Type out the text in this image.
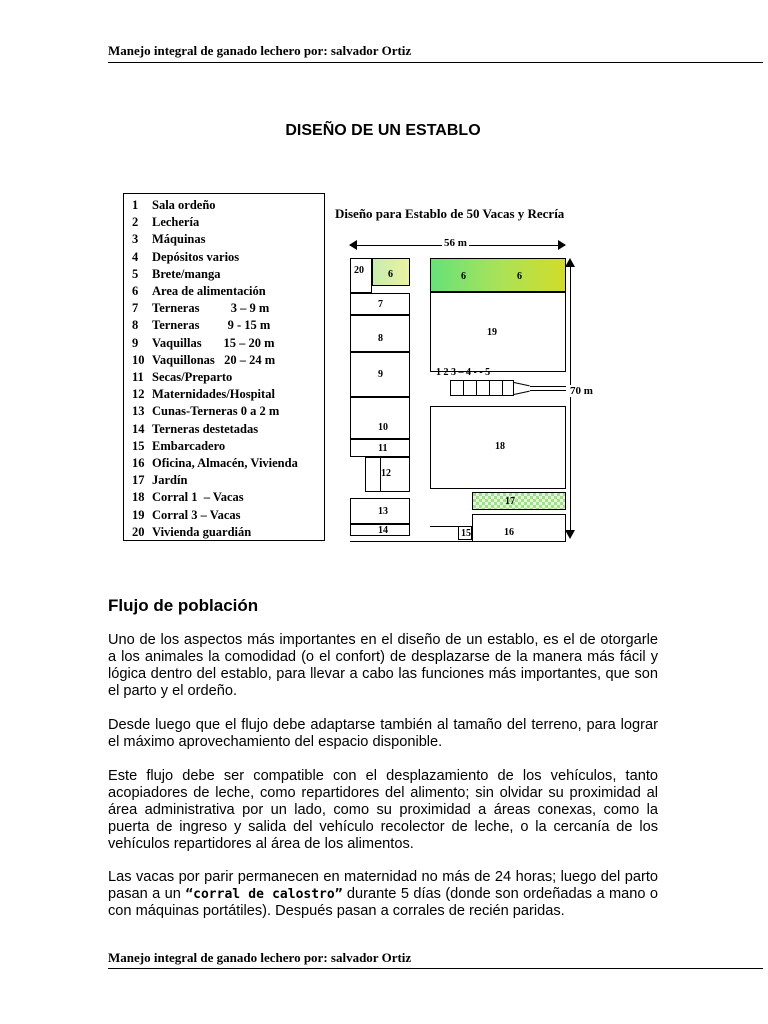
Manejo integral de ganado lechero por: salvador Ortiz
DISEÑO DE UN ESTABLO
1 Sala ordeño
2 Lechería
3 Máquinas
4 Depósitos varios
5 Brete/manga
6 Area de alimentación
7 Terneras          3 – 9 m
8 Terneras         9 - 15 m
9 Vaquillas       15 – 20 m
10 Vaquillonas   20 – 24 m
11 Secas/Preparto
12 Maternidades/Hospital
13 Cunas-Terneras 0 a 2 m
14 Terneras destetadas
15 Embarcadero
16 Oficina, Almacén, Vivienda
17 Jardín
18 Corral 1  – Vacas
19 Corral 3 – Vacas
20 Vivienda guardián
Diseño para Establo de 50 Vacas y Recría
56 m
70 m
20 6	6	6
7
8
9
19
1 2 3 – 4 - - 5
10
11
12
18
17
13
14	15	16
Flujo de población

Uno de los aspectos más importantes en el diseño de un establo, es el de otorgarle a los animales la comodidad (o el confort) de desplazarse de la manera más fácil y lógica dentro del establo, para llevar a cabo las funciones más importantes, que son el parto y el ordeño.

Desde luego que el flujo debe adaptarse también al tamaño del terreno, para lograr el máximo aprovechamiento del espacio disponible.

Este flujo debe ser compatible con el desplazamiento de los vehículos, tanto acopiadores de leche, como repartidores del alimento; sin olvidar su proximidad al área administrativa por un lado, como su proximidad a áreas conexas, como la puerta de ingreso y salida del vehículo recolector de leche, o la cercanía de los vehículos repartidores al área de los alimentos.

Las vacas por parir permanecen en maternidad no más de 24 horas; luego del parto pasan a un “corral de calostro” durante 5 días (donde son ordeñadas a mano o con máquinas portátiles). Después pasan a corrales de recién paridas.

Manejo integral de ganado lechero por: salvador Ortiz
